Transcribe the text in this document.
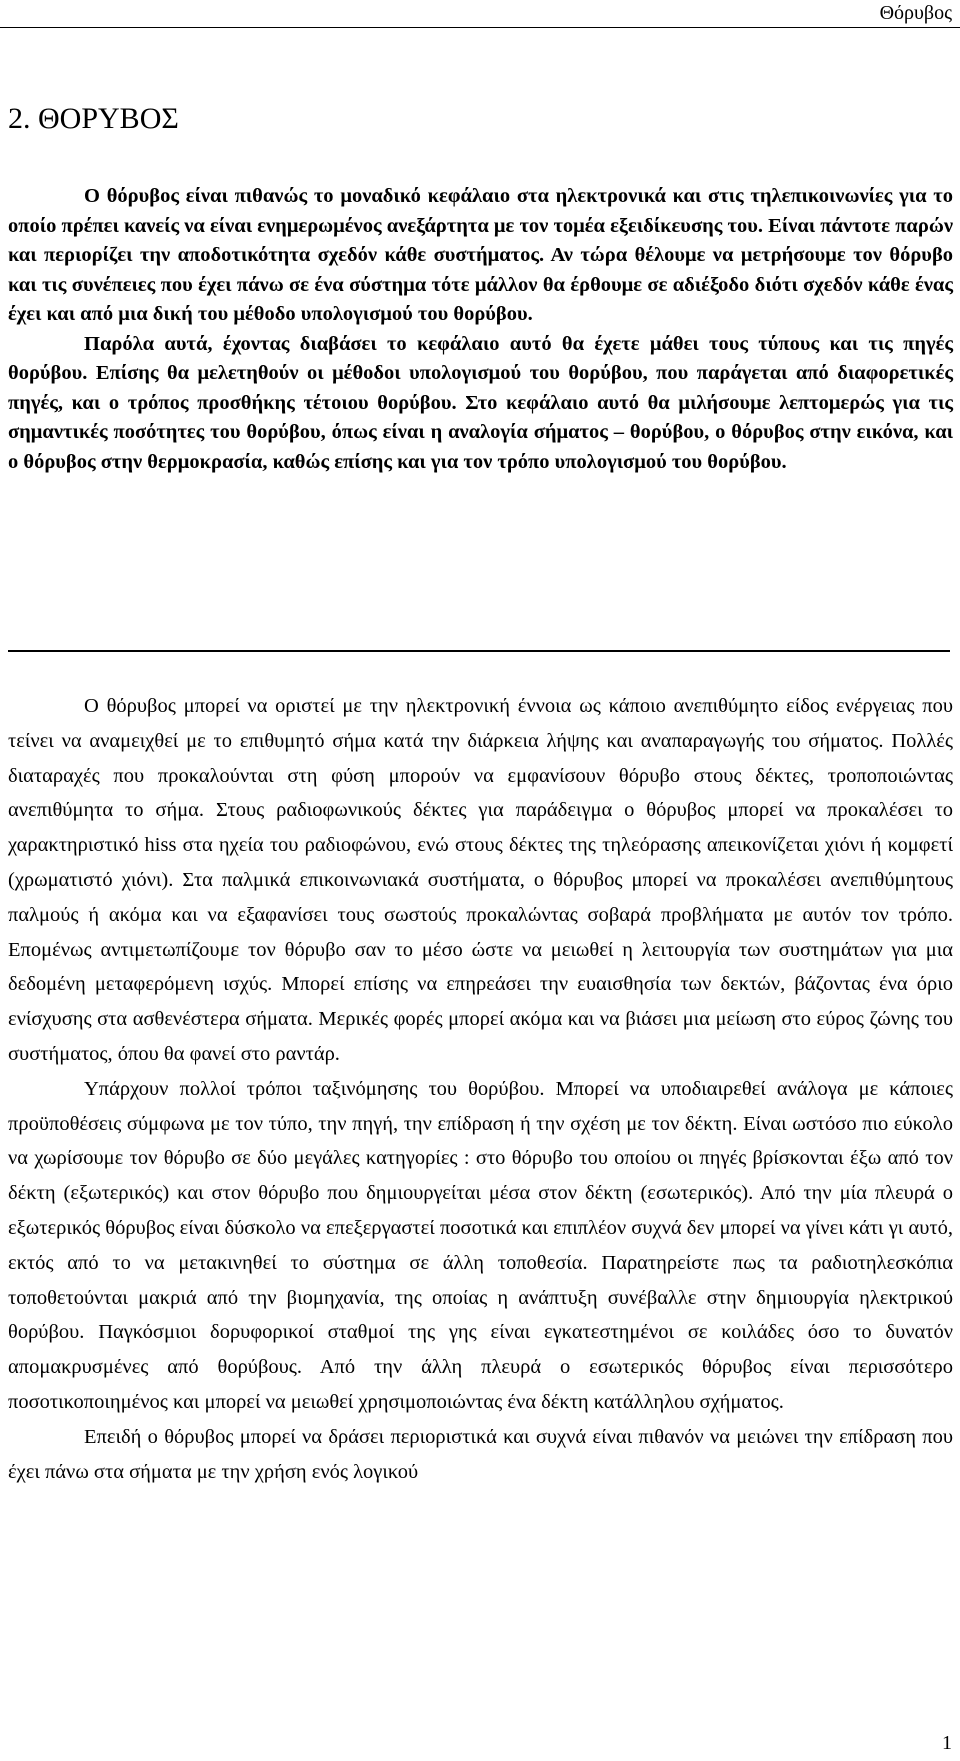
Θόρυβος
2. ΘΟΡΥΒΟΣ

Ο θόρυβος είναι πιθανώς το μοναδικό κεφάλαιο στα ηλεκτρονικά και στις τηλεπικοινωνίες για το οποίο πρέπει κανείς να είναι ενημερωμένος ανεξάρτητα με τον τομέα εξειδίκευσης του. Είναι πάντοτε παρών και περιορίζει την αποδοτικότητα σχεδόν κάθε συστήματος. Αν τώρα θέλουμε να μετρήσουμε τον θόρυβο και τις συνέπειες που έχει πάνω σε ένα σύστημα τότε μάλλον θα έρθουμε σε αδιέξοδο διότι σχεδόν κάθε ένας έχει και από μια δική του μέθοδο υπολογισμού του θορύβου.

Παρόλα αυτά, έχοντας διαβάσει το κεφάλαιο αυτό θα έχετε μάθει τους τύπους και τις πηγές θορύβου. Επίσης θα μελετηθούν οι μέθοδοι υπολογισμού του θορύβου, που παράγεται από διαφορετικές πηγές, και ο τρόπος προσθήκης τέτοιου θορύβου. Στο κεφάλαιο αυτό θα μιλήσουμε λεπτομερώς για τις σημαντικές ποσότητες του θορύβου, όπως είναι η αναλογία σήματος – θορύβου, ο θόρυβος στην εικόνα, και ο θόρυβος στην θερμοκρασία, καθώς επίσης και για τον τρόπο υπολογισμού του θορύβου.

Ο θόρυβος μπορεί να οριστεί με την ηλεκτρονική έννοια ως κάποιο ανεπιθύμητο είδος ενέργειας που τείνει να αναμειχθεί με το επιθυμητό σήμα κατά την διάρκεια λήψης και αναπαραγωγής του σήματος. Πολλές διαταραχές που προκαλούνται στη φύση μπορούν να εμφανίσουν θόρυβο στους δέκτες, τροποποιώντας ανεπιθύμητα το σήμα. Στους ραδιοφωνικούς δέκτες για παράδειγμα ο θόρυβος μπορεί να προκαλέσει το χαρακτηριστικό hiss στα ηχεία του ραδιοφώνου, ενώ στους δέκτες της τηλεόρασης απεικονίζεται χιόνι ή κομφετί (χρωματιστό χιόνι). Στα παλμικά επικοινωνιακά συστήματα, ο θόρυβος μπορεί να προκαλέσει ανεπιθύμητους παλμούς ή ακόμα και να εξαφανίσει τους σωστούς προκαλώντας σοβαρά προβλήματα με αυτόν τον τρόπο. Επομένως αντιμετωπίζουμε τον θόρυβο σαν το μέσο ώστε να μειωθεί η λειτουργία των συστημάτων για μια δεδομένη μεταφερόμενη ισχύς. Μπορεί επίσης να επηρεάσει την ευαισθησία των δεκτών, βάζοντας ένα όριο ενίσχυσης στα ασθενέστερα σήματα. Μερικές φορές μπορεί ακόμα και να βιάσει μια μείωση στο εύρος ζώνης του συστήματος, όπου θα φανεί στο ραντάρ.

Υπάρχουν πολλοί τρόποι ταξινόμησης του θορύβου. Μπορεί να υποδιαιρεθεί ανάλογα με κάποιες προϋποθέσεις σύμφωνα με τον τύπο, την πηγή, την επίδραση ή την σχέση με τον δέκτη. Είναι ωστόσο πιο εύκολο να χωρίσουμε τον θόρυβο σε δύο μεγάλες κατηγορίες : στο θόρυβο του οποίου οι πηγές βρίσκονται έξω από τον δέκτη (εξωτερικός) και στον θόρυβο που δημιουργείται μέσα στον δέκτη (εσωτερικός). Από την μία πλευρά ο εξωτερικός θόρυβος είναι δύσκολο να επεξεργαστεί ποσοτικά και επιπλέον συχνά δεν μπορεί να γίνει κάτι γι αυτό, εκτός από το να μετακινηθεί το σύστημα σε άλλη τοποθεσία. Παρατηρείστε πως τα ραδιοτηλεσκόπια τοποθετούνται μακριά από την βιομηχανία, της οποίας η ανάπτυξη συνέβαλλε στην δημιουργία ηλεκτρικού θορύβου. Παγκόσμιοι δορυφορικοί σταθμοί της γης είναι εγκατεστημένοι σε κοιλάδες όσο το δυνατόν απομακρυσμένες από θορύβους. Από την άλλη πλευρά ο εσωτερικός θόρυβος είναι περισσότερο ποσοτικοποιημένος και μπορεί να μειωθεί χρησιμοποιώντας ένα δέκτη κατάλληλου σχήματος.

Επειδή ο θόρυβος μπορεί να δράσει περιοριστικά και συχνά είναι πιθανόν να μειώνει την επίδραση που έχει πάνω στα σήματα με την χρήση ενός λογικού

1
